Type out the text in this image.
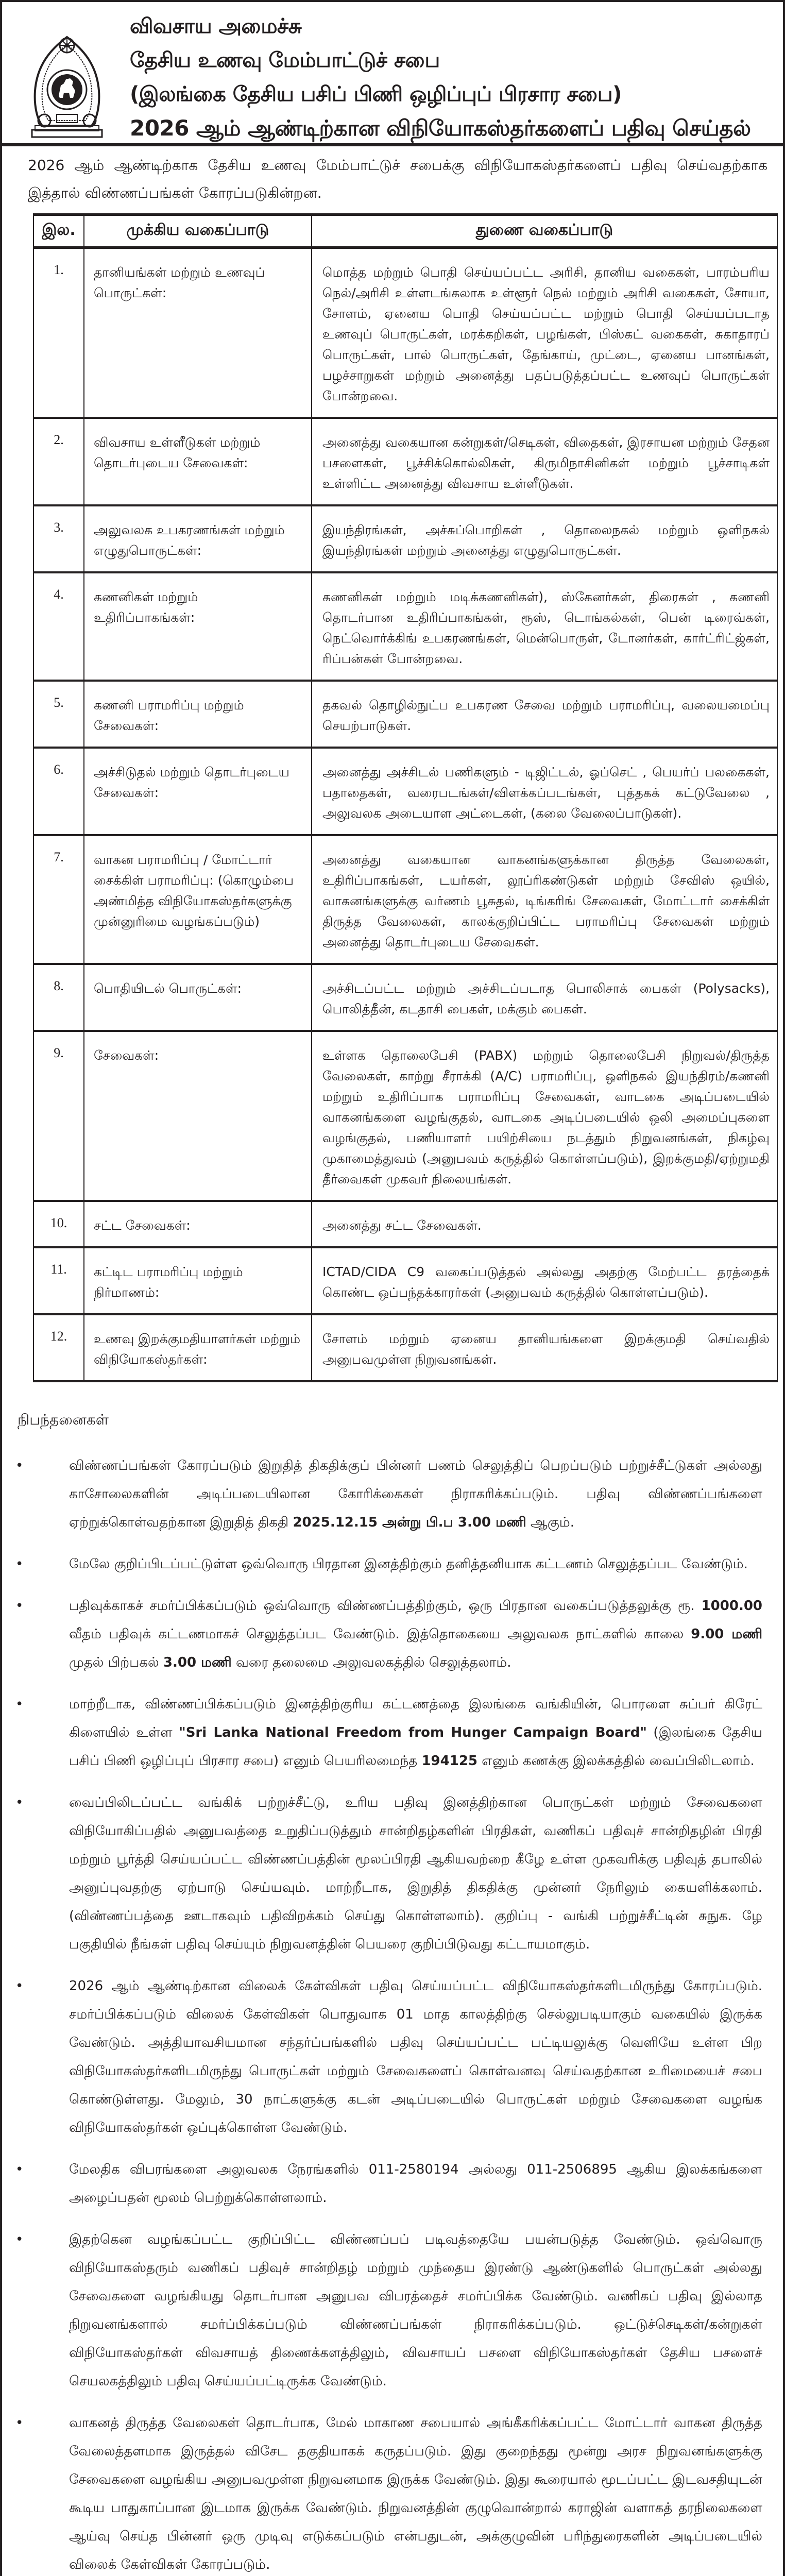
விவசாய அமைச்சு
தேசிய உணவு மேம்பாட்டுச் சபை
(இலங்கை தேசிய பசிப் பிணி ஒழிப்புப் பிரசார சபை)
2026 ஆம் ஆண்டிற்கான விநியோகஸ்தர்களைப் பதிவு செய்தல்

2026 ஆம் ஆண்டிற்காக தேசிய உணவு மேம்பாட்டுச் சபைக்கு விநியோகஸ்தர்களைப் பதிவு செய்வதற்காக இத்தால் விண்ணப்பங்கள் கோரப்படுகின்றன.

இல.	முக்கிய வகைப்பாடு	துணை வகைப்பாடு
1.	தானியங்கள் மற்றும் உணவுப் பொருட்கள்:	மொத்த மற்றும் பொதி செய்யப்பட்ட அரிசி, தானிய வகைகள், பாரம்பரிய நெல்/அரிசி உள்ளடங்கலாக உள்ளூர் நெல் மற்றும் அரிசி வகைகள், சோயா, சோளம், ஏனைய பொதி செய்யப்பட்ட மற்றும் பொதி செய்யப்படாத உணவுப் பொருட்கள், மரக்கறிகள், பழங்கள், பிஸ்கட் வகைகள், சுகாதாரப் பொருட்கள், பால் பொருட்கள், தேங்காய், முட்டை, ஏனைய பானங்கள், பழச்சாறுகள் மற்றும் அனைத்து பதப்படுத்தப்பட்ட உணவுப் பொருட்கள் போன்றவை.
2.	விவசாய உள்ளீடுகள் மற்றும் தொடர்புடைய சேவைகள்:	அனைத்து வகையான கன்றுகள்/செடிகள், விதைகள், இரசாயன மற்றும் சேதன பசளைகள், பூச்சிக்கொல்லிகள், கிருமிநாசினிகள் மற்றும் பூச்சாடிகள் உள்ளிட்ட அனைத்து விவசாய உள்ளீடுகள்.
3.	அலுவலக உபகரணங்கள் மற்றும் எழுதுபொருட்கள்:	இயந்திரங்கள், அச்சுப்பொறிகள் , தொலைநகல் மற்றும் ஒளிநகல் இயந்திரங்கள் மற்றும் அனைத்து எழுதுபொருட்கள்.
4.	கணனிகள் மற்றும் உதிரிப்பாகங்கள்:	கணனிகள் மற்றும் மடிக்கணனிகள்), ஸ்கேனர்கள், திரைகள் , கணனி தொடர்பான உதிரிப்பாகங்கள், ரூஸ், டொங்கல்கள், பென் டிரைவ்கள், நெட்வொர்க்கிங் உபகரணங்கள், மென்பொருள், டோனர்கள், கார்ட்ரிட்ஜ்கள், ரிப்பன்கள் போன்றவை.
5.	கணனி பராமரிப்பு மற்றும் சேவைகள்:	தகவல் தொழில்நுட்ப உபகரண சேவை மற்றும் பராமரிப்பு, வலையமைப்பு செயற்பாடுகள்.
6.	அச்சிடுதல் மற்றும் தொடர்புடைய சேவைகள்:	அனைத்து அச்சிடல் பணிகளும் - டிஜிட்டல், ஓப்செட் , பெயர்ப் பலகைகள், பதாதைகள், வரைபடங்கள்/விளக்கப்படங்கள், புத்தகக் கட்டுவேலை , அலுவலக அடையாள அட்டைகள், (கலை வேலைப்பாடுகள்).
7.	வாகன பராமரிப்பு / மோட்டார் சைக்கிள் பராமரிப்பு: (கொழும்பை அண்மித்த விநியோகஸ்தர்களுக்கு முன்னுரிமை வழங்கப்படும்)	அனைத்து வகையான வாகனங்களுக்கான திருத்த வேலைகள், உதிரிப்பாகங்கள், டயர்கள், லூப்ரிகண்டுகள் மற்றும் சேவிஸ் ஒயில், வாகனங்களுக்கு வர்ணம் பூசுதல், டிங்கரிங் சேவைகள், மோட்டார் சைக்கிள் திருத்த வேலைகள், காலக்குறிப்பிட்ட பராமரிப்பு சேவைகள் மற்றும் அனைத்து தொடர்புடைய சேவைகள்.
8.	பொதியிடல் பொருட்கள்:	அச்சிடப்பட்ட மற்றும் அச்சிடப்படாத பொலிசாக் பைகள் (Polysacks), பொலித்தீன், கடதாசி பைகள், மக்கும் பைகள்.
9.	சேவைகள்:	உள்ளக தொலைபேசி (PABX) மற்றும் தொலைபேசி நிறுவல்/திருத்த வேலைகள், காற்று சீராக்கி (A/C) பராமரிப்பு, ஒளிநகல் இயந்திரம்/கணனி மற்றும் உதிரிப்பாக பராமரிப்பு சேவைகள், வாடகை அடிப்படையில் வாகனங்களை வழங்குதல், வாடகை அடிப்படையில் ஒலி அமைப்புகளை வழங்குதல், பணியாளர் பயிற்சியை நடத்தும் நிறுவனங்கள், நிகழ்வு முகாமைத்துவம் (அனுபவம் கருத்தில் கொள்ளப்படும்), இறக்குமதி/ஏற்றுமதி தீர்வைகள் முகவர் நிலையங்கள்.
10.	சட்ட சேவைகள்:	அனைத்து சட்ட சேவைகள்.
11.	கட்டிட பராமரிப்பு மற்றும் நிர்மாணம்:	ICTAD/CIDA C9 வகைப்படுத்தல் அல்லது அதற்கு மேற்பட்ட தரத்தைக் கொண்ட ஒப்பந்தக்காரர்கள் (அனுபவம் கருத்தில் கொள்ளப்படும்).
12.	உணவு இறக்குமதியாளர்கள் மற்றும் விநியோகஸ்தர்கள்:	சோளம் மற்றும் ஏனைய தானியங்களை இறக்குமதி செய்வதில் அனுபவமுள்ள நிறுவனங்கள்.
நிபந்தனைகள்
•	விண்ணப்பங்கள் கோரப்படும் இறுதித் திகதிக்குப் பின்னர் பணம் செலுத்திப் பெறப்படும் பற்றுச்சீட்டுகள் அல்லது காசோலைகளின் அடிப்படையிலான கோரிக்கைகள் நிராகரிக்கப்படும். பதிவு விண்ணப்பங்களை ஏற்றுக்கொள்வதற்கான இறுதித் திகதி 2025.12.15 அன்று பி.ப 3.00 மணி ஆகும்.
•	மேலே குறிப்பிடப்பட்டுள்ள ஒவ்வொரு பிரதான இனத்திற்கும் தனித்தனியாக கட்டணம் செலுத்தப்பட வேண்டும்.
•	பதிவுக்காகச் சமர்ப்பிக்கப்படும் ஒவ்வொரு விண்ணப்பத்திற்கும், ஒரு பிரதான வகைப்படுத்தலுக்கு ரூ. 1000.00 வீதம் பதிவுக் கட்டணமாகச் செலுத்தப்பட வேண்டும். இத்தொகையை அலுவலக நாட்களில் காலை 9.00 மணி முதல் பிற்பகல் 3.00 மணி வரை தலைமை அலுவலகத்தில் செலுத்தலாம்.
•	மாற்றீடாக, விண்ணப்பிக்கப்படும் இனத்திற்குரிய கட்டணத்தை இலங்கை வங்கியின், பொரளை சுப்பர் கிரேட் கிளையில் உள்ள "Sri Lanka National Freedom from Hunger Campaign Board" (இலங்கை தேசிய பசிப் பிணி ஒழிப்புப் பிரசார சபை) எனும் பெயரிலமைந்த 194125 எனும் கணக்கு இலக்கத்தில் வைப்பிலிடலாம்.
•	வைப்பிலிடப்பட்ட வங்கிக் பற்றுச்சீட்டு, உரிய பதிவு இனத்திற்கான பொருட்கள் மற்றும் சேவைகளை விநியோகிப்பதில் அனுபவத்தை உறுதிப்படுத்தும் சான்றிதழ்களின் பிரதிகள், வணிகப் பதிவுச் சான்றிதழின் பிரதி மற்றும் பூர்த்தி செய்யப்பட்ட விண்ணப்பத்தின் மூலப்பிரதி ஆகியவற்றை கீழே உள்ள முகவரிக்கு பதிவுத் தபாலில் அனுப்புவதற்கு ஏற்பாடு செய்யவும். மாற்றீடாக, இறுதித் திகதிக்கு முன்னர் நேரிலும் கையளிக்கலாம். (விண்ணப்பத்தை ஊடாகவும் பதிவிறக்கம் செய்து கொள்ளலாம்). குறிப்பு - வங்கி பற்றுச்சீட்டின் சுநுக. ழே பகுதியில் நீங்கள் பதிவு செய்யும் நிறுவனத்தின் பெயரை குறிப்பிடுவது கட்டாயமாகும்.
•	2026 ஆம் ஆண்டிற்கான விலைக் கேள்விகள் பதிவு செய்யப்பட்ட விநியோகஸ்தர்களிடமிருந்து கோரப்படும். சமர்ப்பிக்கப்படும் விலைக் கேள்விகள் பொதுவாக 01 மாத காலத்திற்கு செல்லுபடியாகும் வகையில் இருக்க வேண்டும். அத்தியாவசியமான சந்தர்ப்பங்களில் பதிவு செய்யப்பட்ட பட்டியலுக்கு வெளியே உள்ள பிற விநியோகஸ்தர்களிடமிருந்து பொருட்கள் மற்றும் சேவைகளைப் கொள்வனவு செய்வதற்கான உரிமையைச் சபை கொண்டுள்ளது. மேலும், 30 நாட்களுக்கு கடன் அடிப்படையில் பொருட்கள் மற்றும் சேவைகளை வழங்க விநியோகஸ்தர்கள் ஒப்புக்கொள்ள வேண்டும்.
•	மேலதிக விபரங்களை அலுவலக நேரங்களில் 011-2580194 அல்லது 011-2506895 ஆகிய இலக்கங்களை அழைப்பதன் மூலம் பெற்றுக்கொள்ளலாம்.
•	இதற்கென வழங்கப்பட்ட குறிப்பிட்ட விண்ணப்பப் படிவத்தையே பயன்படுத்த வேண்டும். ஒவ்வொரு விநியோகஸ்தரும் வணிகப் பதிவுச் சான்றிதழ் மற்றும் முந்தைய இரண்டு ஆண்டுகளில் பொருட்கள் அல்லது சேவைகளை வழங்கியது தொடர்பான அனுபவ விபரத்தைச் சமர்ப்பிக்க வேண்டும். வணிகப் பதிவு இல்லாத நிறுவனங்களால் சமர்ப்பிக்கப்படும் விண்ணப்பங்கள் நிராகரிக்கப்படும். ஒட்டுச்செடிகள்/கன்றுகள் விநியோகஸ்தர்கள் விவசாயத் திணைக்களத்திலும், விவசாயப் பசளை விநியோகஸ்தர்கள் தேசிய பசளைச் செயலகத்திலும் பதிவு செய்யப்பட்டிருக்க வேண்டும்.
•	வாகனத் திருத்த வேலைகள் தொடர்பாக, மேல் மாகாண சபையால் அங்கீகரிக்கப்பட்ட மோட்டார் வாகன திருத்த வேலைத்தளமாக இருத்தல் விசேட தகுதியாகக் கருதப்படும். இது குறைந்தது மூன்று அரச நிறுவனங்களுக்கு சேவைகளை வழங்கிய அனுபவமுள்ள நிறுவனமாக இருக்க வேண்டும். இது கூரையால் மூடப்பட்ட இடவசதியுடன் கூடிய பாதுகாப்பான இடமாக இருக்க வேண்டும். நிறுவனத்தின் குழுவொன்றால் கராஜின் வளாகத் தரநிலைகளை ஆய்வு செய்த பின்னர் ஒரு முடிவு எடுக்கப்படும் என்பதுடன், அக்குழுவின் பரிந்துரைகளின் அடிப்படையில் விலைக் கேள்விகள் கோரப்படும்.
